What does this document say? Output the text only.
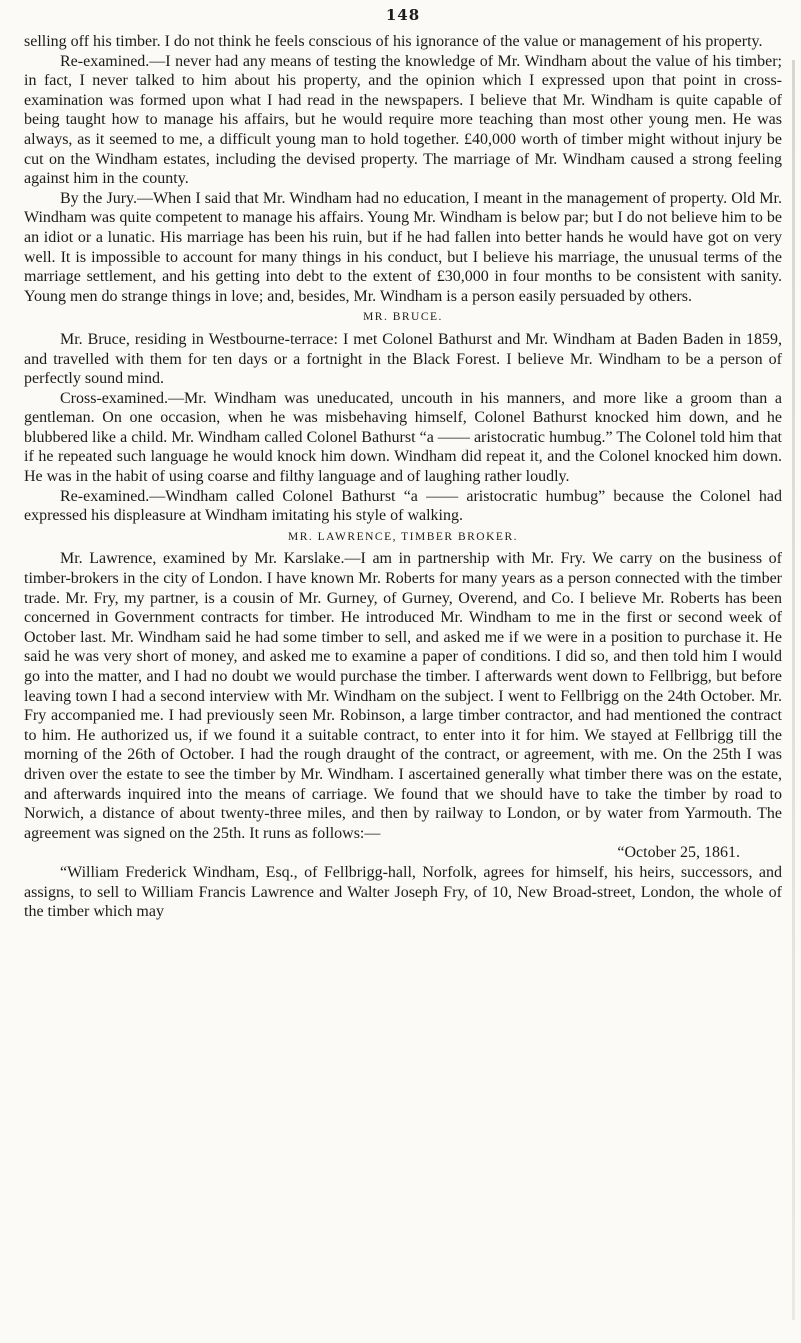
148

selling off his timber. I do not think he feels conscious of his ignorance of the value or management of his property.

Re-examined.—I never had any means of testing the knowledge of Mr. Windham about the value of his timber; in fact, I never talked to him about his property, and the opinion which I expressed upon that point in cross-examination was formed upon what I had read in the newspapers. I believe that Mr. Windham is quite capable of being taught how to manage his affairs, but he would require more teaching than most other young men. He was always, as it seemed to me, a difficult young man to hold together. £40,000 worth of timber might without injury be cut on the Windham estates, including the devised property. The marriage of Mr. Windham caused a strong feeling against him in the county.

By the Jury.—When I said that Mr. Windham had no education, I meant in the management of property. Old Mr. Windham was quite competent to manage his affairs. Young Mr. Windham is below par; but I do not believe him to be an idiot or a lunatic. His marriage has been his ruin, but if he had fallen into better hands he would have got on very well. It is impossible to account for many things in his conduct, but I believe his marriage, the unusual terms of the marriage settlement, and his getting into debt to the extent of £30,000 in four months to be consistent with sanity. Young men do strange things in love; and, besides, Mr. Windham is a person easily persuaded by others.

MR. BRUCE.

Mr. Bruce, residing in Westbourne-terrace: I met Colonel Bathurst and Mr. Windham at Baden Baden in 1859, and travelled with them for ten days or a fortnight in the Black Forest. I believe Mr. Windham to be a person of perfectly sound mind.

Cross-examined.—Mr. Windham was uneducated, uncouth in his manners, and more like a groom than a gentleman. On one occasion, when he was misbehaving himself, Colonel Bathurst knocked him down, and he blubbered like a child. Mr. Windham called Colonel Bathurst “a —— aristocratic humbug.” The Colonel told him that if he repeated such language he would knock him down. Windham did repeat it, and the Colonel knocked him down. He was in the habit of using coarse and filthy language and of laughing rather loudly.

Re-examined.—Windham called Colonel Bathurst “a —— aristocratic humbug” because the Colonel had expressed his displeasure at Windham imitating his style of walking.

MR. LAWRENCE, TIMBER BROKER.

Mr. Lawrence, examined by Mr. Karslake.—I am in partnership with Mr. Fry. We carry on the business of timber-brokers in the city of London. I have known Mr. Roberts for many years as a person connected with the timber trade. Mr. Fry, my partner, is a cousin of Mr. Gurney, of Gurney, Overend, and Co. I believe Mr. Roberts has been concerned in Government contracts for timber. He introduced Mr. Windham to me in the first or second week of October last. Mr. Windham said he had some timber to sell, and asked me if we were in a position to purchase it. He said he was very short of money, and asked me to examine a paper of conditions. I did so, and then told him I would go into the matter, and I had no doubt we would purchase the timber. I afterwards went down to Fellbrigg, but before leaving town I had a second interview with Mr. Windham on the subject. I went to Fellbrigg on the 24th October. Mr. Fry accompanied me. I had previously seen Mr. Robinson, a large timber contractor, and had mentioned the contract to him. He authorized us, if we found it a suitable contract, to enter into it for him. We stayed at Fellbrigg till the morning of the 26th of October. I had the rough draught of the contract, or agreement, with me. On the 25th I was driven over the estate to see the timber by Mr. Windham. I ascertained generally what timber there was on the estate, and afterwards inquired into the means of carriage. We found that we should have to take the timber by road to Norwich, a distance of about twenty-three miles, and then by railway to London, or by water from Yarmouth. The agreement was signed on the 25th. It runs as follows:—

“October 25, 1861.

“William Frederick Windham, Esq., of Fellbrigg-hall, Norfolk, agrees for himself, his heirs, successors, and assigns, to sell to William Francis Lawrence and Walter Joseph Fry, of 10, New Broad-street, London, the whole of the timber which may
